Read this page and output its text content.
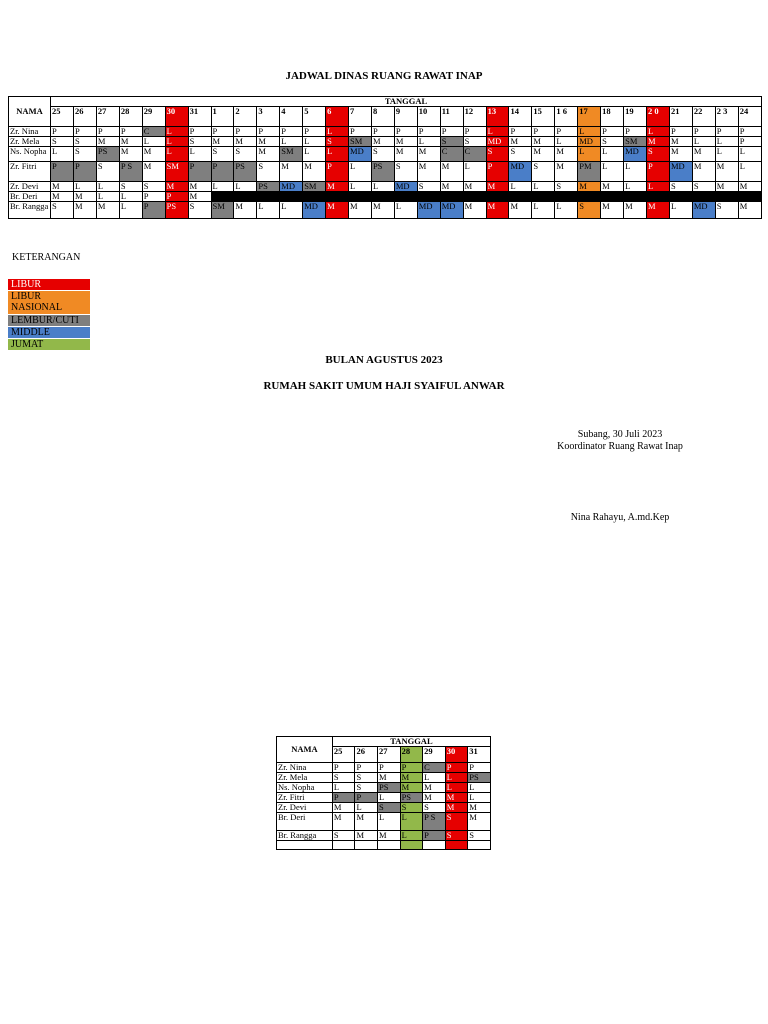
JADWAL DINAS RUANG RAWAT INAP
NAMA	TANGGAL																														
	25	26	27	28	29	30	31	1	2	3	4	5	6	7	8	9	10	11	12	13	14	15	1 6	17	18	19	2 0	21	22	2 3	24
Zr. Nina	P	P	P	P	C	L	P	P	P	P	P	P	L	P	P	P	P	P	P	L	P	P	P	L	P	P	L	P	P	P	P
Zr. Mela	S	S	M	M	L	L	S	M	M	M	L	L	S	SM	M	M	L	S	S	MD	M	M	L	MD	S	SM	M	M	L	L	P
Ns. Nopha	L	S	PS	M	M	L	L	S	S	M	SM	L	L	MD	S	M	M	C	C	S	S	M	M	L	L	MD	S	M	M	L	L
Zr. Fitri	P	P	S	P S	M	SM	P	P	PS	S	M	M	P	L	PS	S	M	M	L	P	MD	S	M	PM	L	L	P	MD	M	M	L
Zr. Devi	M	L	L	S	S	M	M	L	L	PS	MD	SM	M	L	L	MD	S	M	M	M	L	L	S	M	M	L	L	S	S	M	M
Br. Deri	M	M	L	L	P	P	M																								
Br. Rangga	S	M	M	L	P	PS	S	SM	M	L	L	MD	M	M	M	L	MD	MD	M	M	M	L	L	S	M	M	M	L	MD	S	M
KETERANGAN
LIBUR
LIBUR NASIONAL
LEMBUR/CUTI
MIDDLE
JUMAT
BULAN AGUSTUS 2023
RUMAH SAKIT UMUM HAJI SYAIFUL ANWAR
Subang, 30 Juli 2023
Koordinator Ruang Rawat Inap
Nina Rahayu, A.md.Kep
NAMA	TANGGAL						
	25	26	27	28	29	30	31
Zr. Nina	P	P	P	P	C	P	P
Zr. Mela	S	S	M	M	L	L	PS
Ns. Nopha	L	S	PS	M	M	L	L
Zr. Fitri	P	P	L	PS	M	M	L
Zr. Devi	M	L	S	S	S	M	M
Br. Deri	M	M	L	L	P S	S	M
Br. Rangga	S	M	M	L	P	S	S
